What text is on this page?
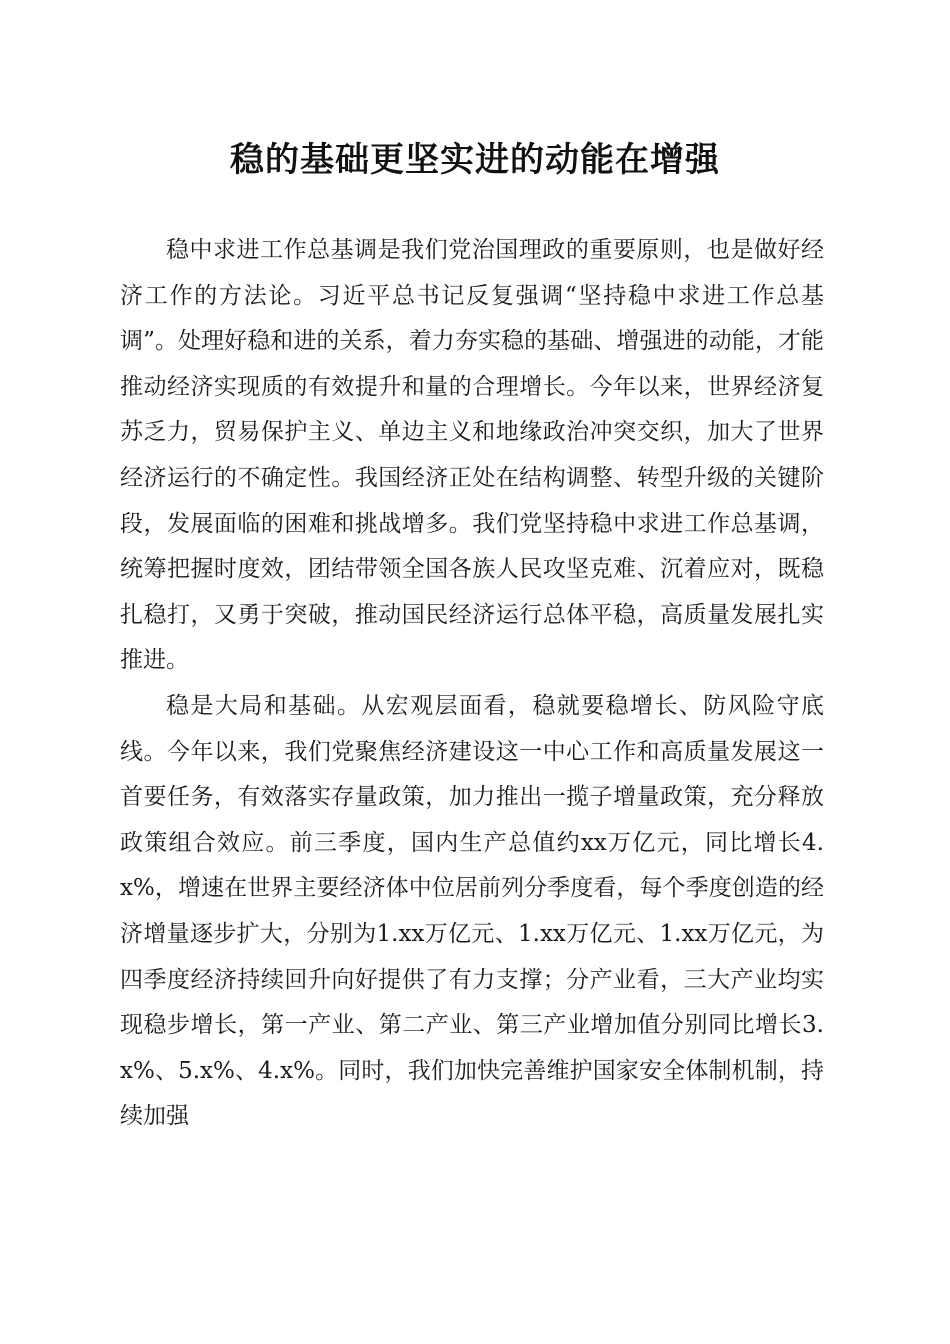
稳的基础更坚实进的动能在增强

稳中求进工作总基调是我们党治国理政的重要原则，也是做好经济工作的方法论。习近平总书记反复强调“坚持稳中求进工作总基调”。处理好稳和进的关系，着力夯实稳的基础、增强进的动能，才能推动经济实现质的有效提升和量的合理增长。今年以来，世界经济复苏乏力，贸易保护主义、单边主义和地缘政治冲突交织，加大了世界经济运行的不确定性。我国经济正处在结构调整、转型升级的关键阶段，发展面临的困难和挑战增多。我们党坚持稳中求进工作总基调，统筹把握时度效，团结带领全国各族人民攻坚克难、沉着应对，既稳扎稳打，又勇于突破，推动国民经济运行总体平稳，高质量发展扎实推进。

稳是大局和基础。从宏观层面看，稳就要稳增长、防风险守底线。今年以来，我们党聚焦经济建设这一中心工作和高质量发展这一首要任务，有效落实存量政策，加力推出一揽子增量政策，充分释放政策组合效应。前三季度，国内生产总值约xx万亿元，同比增长4.x%，增速在世界主要经济体中位居前列分季度看，每个季度创造的经济增量逐步扩大，分别为1.xx万亿元、1.xx万亿元、1.xx万亿元，为四季度经济持续回升向好提供了有力支撑；分产业看，三大产业均实现稳步增长，第一产业、第二产业、第三产业增加值分别同比增长3.x%、5.x%、4.x%。同时，我们加快完善维护国家安全体制机制，持续加强
